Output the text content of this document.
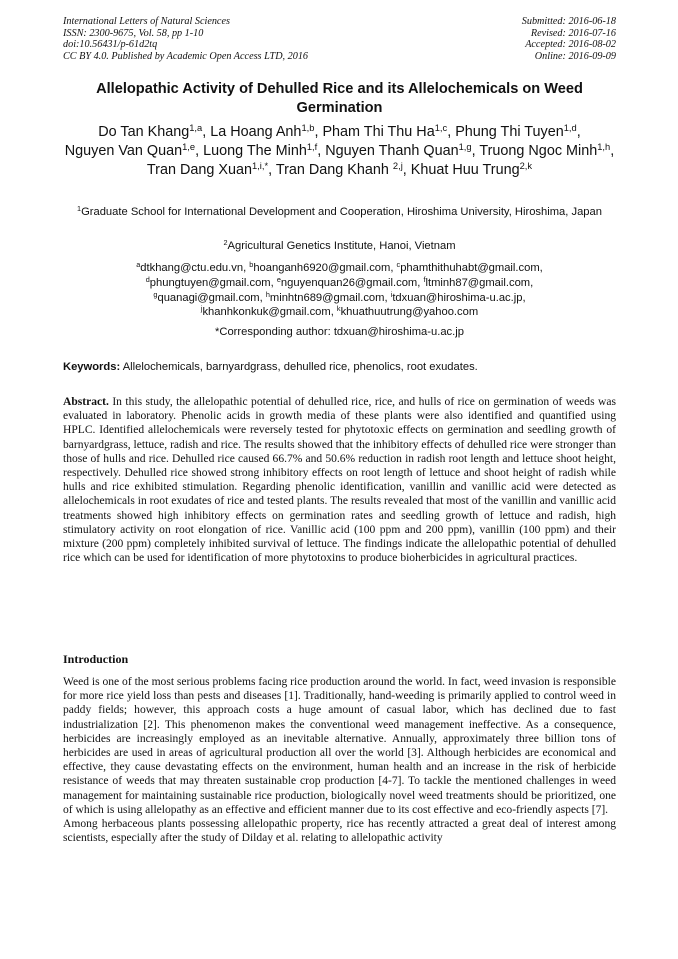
International Letters of Natural Sciences
ISSN: 2300-9675, Vol. 58, pp 1-10
doi:10.56431/p-61d2tq
CC BY 4.0. Published by Academic Open Access LTD, 2016
Submitted: 2016-06-18
Revised: 2016-07-16
Accepted: 2016-08-02
Online: 2016-09-09
Allelopathic Activity of Dehulled Rice and its Allelochemicals on Weed Germination
Do Tan Khang$^{1,a}$, La Hoang Anh$^{1,b}$, Pham Thi Thu Ha$^{1,c}$, Phung Thi Tuyen$^{1,d}$, Nguyen Van Quan$^{1,e}$, Luong The Minh$^{1,f}$, Nguyen Thanh Quan$^{1,g}$, Truong Ngoc Minh$^{1,h}$, Tran Dang Xuan$^{1,i,*}$, Tran Dang Khanh $^{2,j}$, Khuat Huu Trung$^{2,k}$
$^1$Graduate School for International Development and Cooperation, Hiroshima University, Hiroshima, Japan
$^2$Agricultural Genetics Institute, Hanoi, Vietnam
$^a$dtkhang@ctu.edu.vn, $^b$hoanganh6920@gmail.com, $^c$phamthithuhabt@gmail.com,
$^d$phungtuyen@gmail.com, $^e$nguyenquan26@gmail.com, $^f$ltminh87@gmail.com,
$^g$quanagi@gmail.com, $^h$minhtn689@gmail.com, $^i$tdxuan@hiroshima-u.ac.jp,
$^j$khanhkonkuk@gmail.com, $^k$khuathuutrung@yahoo.com
*Corresponding author: tdxuan@hiroshima-u.ac.jp
Keywords: Allelochemicals, barnyardgrass, dehulled rice, phenolics, root exudates.
Abstract. In this study, the allelopathic potential of dehulled rice, rice, and hulls of rice on germination of weeds was evaluated in laboratory. Phenolic acids in growth media of these plants were also identified and quantified using HPLC. Identified allelochemicals were reversely tested for phytotoxic effects on germination and seedling growth of barnyardgrass, lettuce, radish and rice. The results showed that the inhibitory effects of dehulled rice were stronger than those of hulls and rice. Dehulled rice caused 66.7% and 50.6% reduction in radish root length and lettuce shoot height, respectively. Dehulled rice showed strong inhibitory effects on root length of lettuce and shoot height of radish while hulls and rice exhibited stimulation. Regarding phenolic identification, vanillin and vanillic acid were detected as allelochemicals in root exudates of rice and tested plants. The results revealed that most of the vanillin and vanillic acid treatments showed high inhibitory effects on germination rates and seedling growth of lettuce and radish, high stimulatory activity on root elongation of rice. Vanillic acid (100 ppm and 200 ppm), vanillin (100 ppm) and their mixture (200 ppm) completely inhibited survival of lettuce. The findings indicate the allelopathic potential of dehulled rice which can be used for identification of more phytotoxins to produce bioherbicides in agricultural practices.
Introduction

Weed is one of the most serious problems facing rice production around the world. In fact, weed invasion is responsible for more rice yield loss than pests and diseases [1]. Traditionally, hand-weeding is primarily applied to control weed in paddy fields; however, this approach costs a huge amount of casual labor, which has declined due to fast industrialization [2]. This phenomenon makes the conventional weed management ineffective. As a consequence, herbicides are increasingly employed as an inevitable alternative. Annually, approximately three billion tons of herbicides are used in areas of agricultural production all over the world [3]. Although herbicides are economical and effective, they cause devastating effects on the environment, human health and an increase in the risk of herbicide resistance of weeds that may threaten sustainable crop production [4-7]. To tackle the mentioned challenges in weed management for maintaining sustainable rice production, biologically novel weed treatments should be prioritized, one of which is using allelopathy as an effective and efficient manner due to its cost effective and eco-friendly aspects [7].

Among herbaceous plants possessing allelopathic property, rice has recently attracted a great deal of interest among scientists, especially after the study of Dilday et al. relating to allelopathic activity
